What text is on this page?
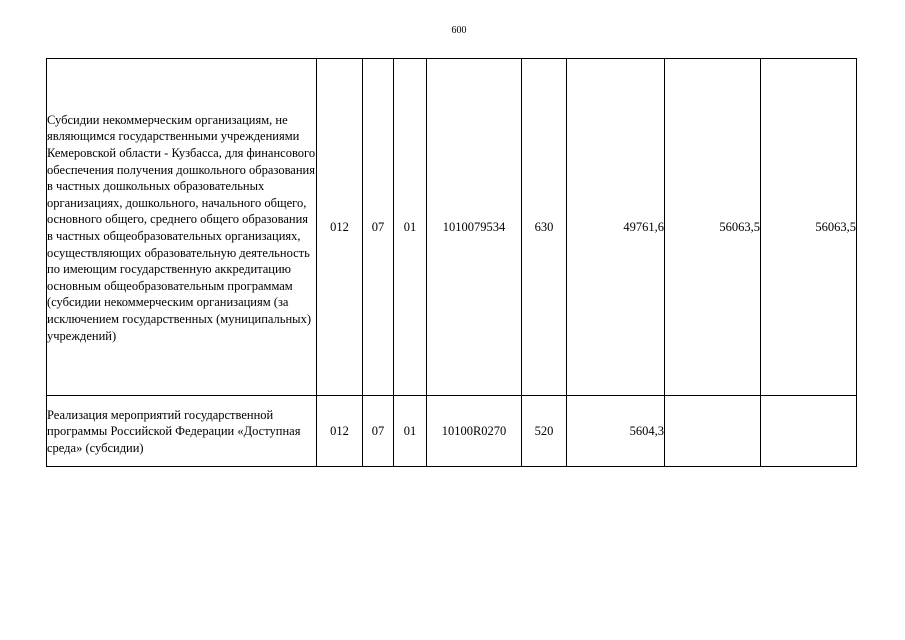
600
Субсидии некоммерческим организациям, не являющимся государственными учреждениями Кемеровской области - Кузбасса, для финансового обеспечения получения дошкольного образования в частных дошкольных образовательных организациях, дошкольного, начального общего, основного общего, среднего общего образования в частных общеобразовательных организациях, осуществляющих образовательную деятельность по имеющим государственную аккредитацию основным общеобразовательным программам (субсидии некоммерческим организациям (за исключением государственных (муниципальных) учреждений)	012	07	01	1010079534	630	49761,6	56063,5	56063,5
Реализация мероприятий государственной программы Российской Федерации «Доступная среда» (субсидии)	012	07	01	10100R0270	520	5604,3		
